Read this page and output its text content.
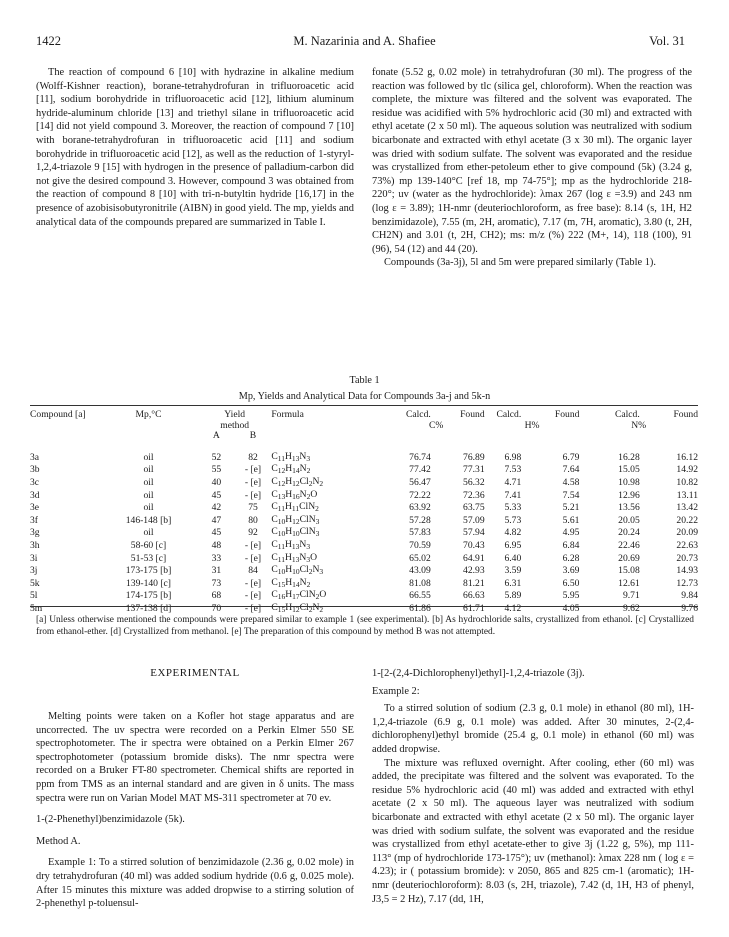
1422	M. Nazarinia and A. Shafiee	Vol. 31

The reaction of compound 6 [10] with hydrazine in alkaline medium (Wolff-Kishner reaction), borane-tetrahydrofuran in trifluoroacetic acid [11], sodium borohydride in trifluoroacetic acid [12], lithium aluminum hydride-aluminum chloride [13] and triethyl silane in trifluoroacetic acid [14] did not yield compound 3. Moreover, the reaction of compound 7 [10] with borane-tetrahydrofuran in trifluoroacetic acid [11] and sodium borohydride in trifluoroacetic acid [12], as well as the reduction of 1-styryl-1,2,4-triazole 9 [15] with hydrogen in the presence of palladium-carbon did not give the desired compound 3. However, compound 3 was obtained from the reaction of compound 8 [10] with tri-n-butyltin hydride [16,17] in the presence of azobisisobutyronitrile (AIBN) in good yield. The mp, yields and analytical data of the compounds prepared are summarized in Table I.

fonate (5.52 g, 0.02 mole) in tetrahydrofuran (30 ml). The progress of the reaction was followed by tlc (silica gel, chloroform). When the reaction was complete, the mixture was filtered and the solvent was evaporated. The residue was acidified with 5% hydrochloric acid (30 ml) and extracted with ethyl acetate (2 x 50 ml). The aqueous solution was neutralized with sodium bicarbonate and extracted with ethyl acetate (3 x 30 ml). The organic layer was dried with sodium sulfate. The solvent was evaporated and the residue was crystallized from ether-petoleum ether to give compound (5k) (3.24 g, 73%) mp 139-140°C [ref 18, mp 74-75°]; mp as the hydrochloride 218-220°; uv (water as the hydrochloride): λmax 267 (log ε =3.9) and 243 nm (log ε = 3.89); 1H-nmr (deuteriochloroform, as free base): 8.14 (s, 1H, H2 benzimidazole), 7.55 (m, 2H, aromatic), 7.17 (m, 7H, aromatic), 3.80 (t, 2H, CH2N) and 3.01 (t, 2H, CH2); ms: m/z (%) 222 (M+, 14), 118 (100), 91 (96), 54 (12) and 44 (20).

Compounds (3a-3j), 5l and 5m were prepared similarly (Table 1).

Table 1
Mp, Yields and Analytical Data for Compounds 3a-j and 5k-n
Compound [a]	Mp,°C	Yield		Formula	Calcd.	Found	Calcd.	Found	Calcd.	Found
		method			C%		H%		N%	
		A	B							

3a	oil	52	82	$C_{11}H_{13}N_3$	76.74	76.89	6.98	6.79	16.28	16.12
3b	oil	55	- [e]	$C_{12}H_{14}N_2$	77.42	77.31	7.53	7.64	15.05	14.92
3c	oil	40	- [e]	$C_{12}H_{12}Cl_2N_2$	56.47	56.32	4.71	4.58	10.98	10.82
3d	oil	45	- [e]	$C_{13}H_{16}N_2O$	72.22	72.36	7.41	7.54	12.96	13.11
3e	oil	42	75	$C_{11}H_{11}ClN_2$	63.92	63.75	5.33	5.21	13.56	13.42
3f	146-148 [b]	47	80	$C_{10}H_{12}ClN_3$	57.28	57.09	5.73	5.61	20.05	20.22
3g	oil	45	92	$C_{10}H_{10}ClN_3$	57.83	57.94	4.82	4.95	20.24	20.09
3h	58-60 [c]	48	- [e]	$C_{11}H_{13}N_3$	70.59	70.43	6.95	6.84	22.46	22.63
3i	51-53 [c]	33	- [e]	$C_{11}H_{13}N_3O$	65.02	64.91	6.40	6.28	20.69	20.73
3j	173-175 [b]	31	84	$C_{10}H_{10}Cl_2N_3$	43.09	42.93	3.59	3.69	15.08	14.93
5k	139-140 [c]	73	- [e]	$C_{15}H_{14}N_2$	81.08	81.21	6.31	6.50	12.61	12.73
5l	174-175 [b]	68	- [e]	$C_{16}H_{17}ClN_2O$	66.55	66.63	5.89	5.95	9.71	9.84
5m	137-138 [d]	70	- [e]	$C_{15}H_{12}Cl_2N_2$	61.86	61.71	4.12	4.05	9.62	9.76
[a] Unless otherwise mentioned the compounds were prepared similar to example 1 (see experimental). [b] As hydrochloride salts, crystallized from ethanol. [c] Crystallized from ethanol-ether. [d] Crystallized from methanol. [e] The preparation of this compound by method B was not attempted.
EXPERIMENTAL

Melting points were taken on a Kofler hot stage apparatus and are uncorrected. The uv spectra were recorded on a Perkin Elmer 550 SE spectrophotometer. The ir spectra were obtained on a Perkin Elmer 267 spectrophotometer (potassium bromide disks). The nmr spectra were recorded on a Bruker FT-80 spectrometer. Chemical shifts are reported in ppm from TMS as an internal standard and are given in δ units. The mass spectra were run on Varian Model MAT MS-311 spectrometer at 70 ev.

1-(2-Phenethyl)benzimidazole (5k).

Method A.

Example 1: To a stirred solution of benzimidazole (2.36 g, 0.02 mole) in dry tetrahydrofuran (40 ml) was added sodium hydride (0.6 g, 0.025 mole). After 15 minutes this mixture was added dropwise to a stirring solution of 2-phenethyl p-toluensul-

1-[2-(2,4-Dichlorophenyl)ethyl]-1,2,4-triazole (3j).

Example 2:

To a stirred solution of sodium (2.3 g, 0.1 mole) in ethanol (80 ml), 1H-1,2,4-triazole (6.9 g, 0.1 mole) was added. After 30 minutes, 2-(2,4-dichlorophenyl)ethyl bromide (25.4 g, 0.1 mole) in ethanol (60 ml) was added dropwise.

The mixture was refluxed overnight. After cooling, ether (60 ml) was added, the precipitate was filtered and the solvent was evaporated. To the residue 5% hydrochloric acid (40 ml) was added and extracted with ethyl acetate (2 x 50 ml). The aqueous layer was neutralized with sodium bicarbonate and extracted with ethyl acetate (2 x 50 ml). The organic layer was dried with sodium sulfate, the solvent was evaporated and the residue was crystallized from ethyl acetate-ether to give 3j (1.22 g, 5%), mp 111-113° (mp of hydrochloride 173-175°); uv (methanol): λmax 228 nm ( log ε = 4.23); ir ( potassium bromide): ν 2050, 865 and 825 cm-1 (aromatic); 1H-nmr (deuteriochloroform): 8.03 (s, 2H, triazole), 7.42 (d, 1H, H3 of phenyl, J3,5 = 2 Hz), 7.17 (dd, 1H,
